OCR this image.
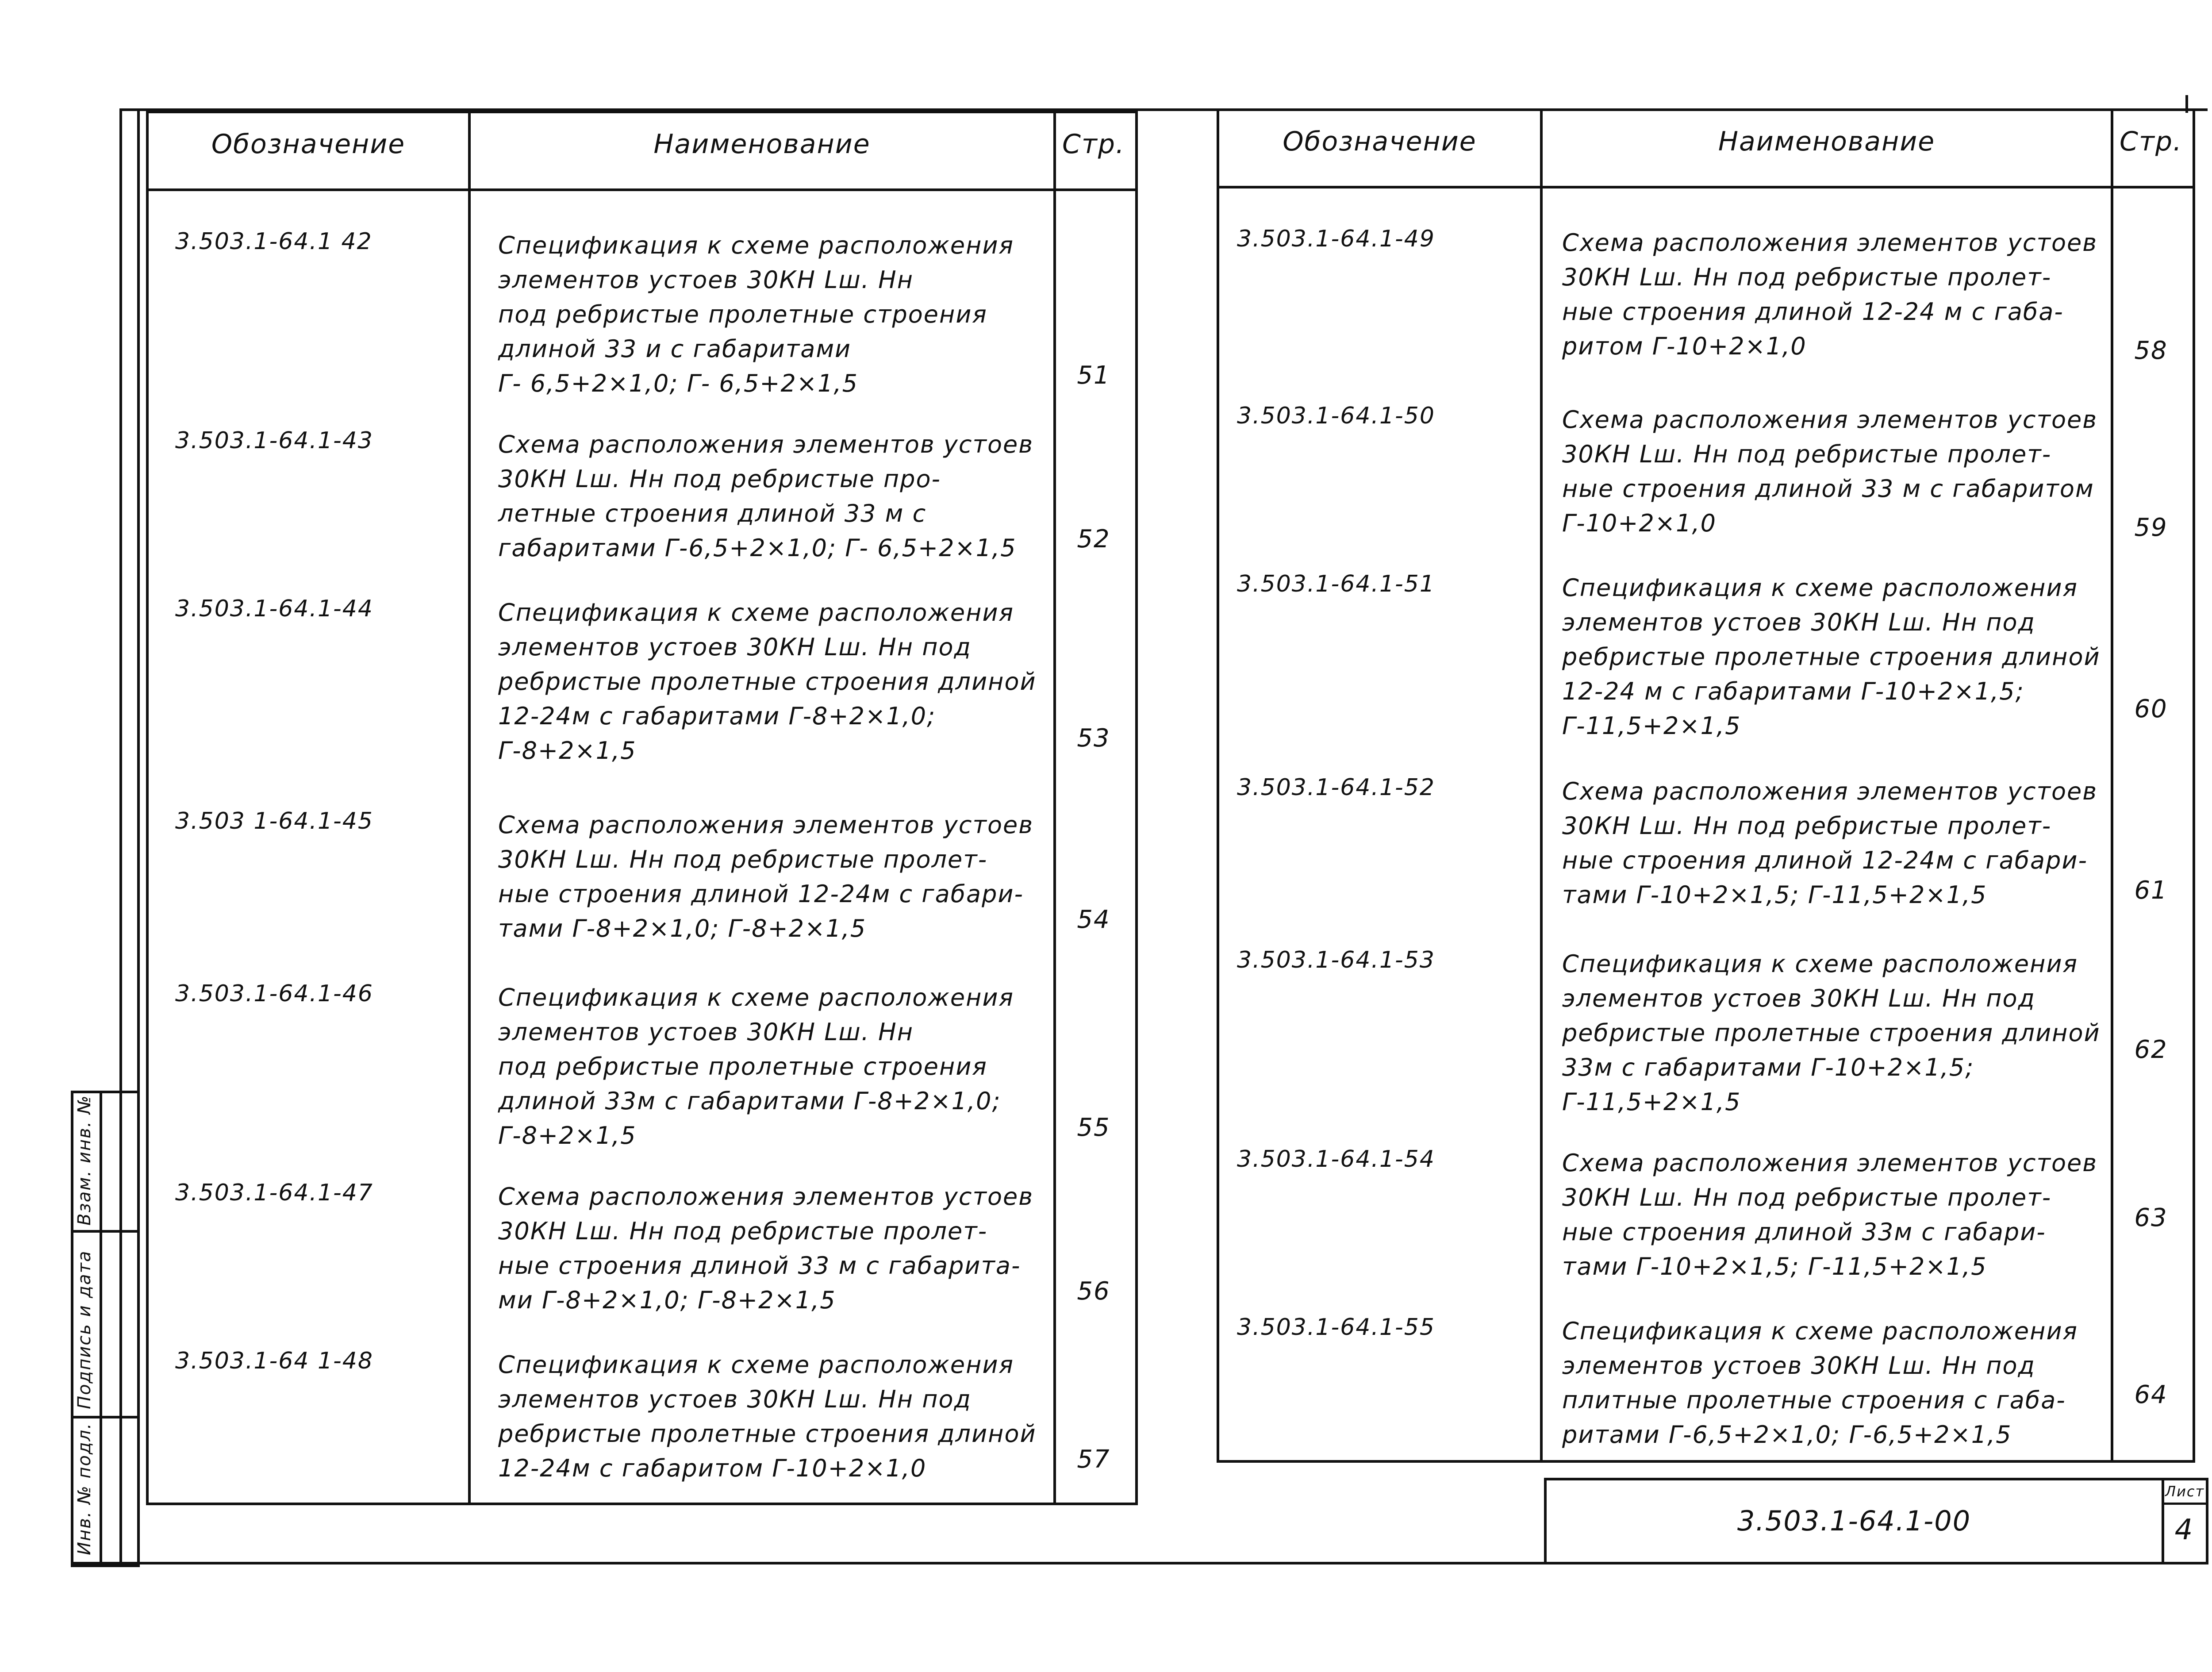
Взам. инв. №
Подпись и дата
Инв. № подл.
Обозначение	Наименование	Стр.
3.503.1-64.1 42	Спецификация к схеме расположения
элементов устоев 30КН Lш. Нн
под ребристые пролетные строения
длиной 33 и с габаритами
Г- 6,5+2×1,0; Г- 6,5+2×1,5	51
3.503.1-64.1-43	Схема расположения элементов устоев
30КН Lш. Нн под ребристые про-
летные строения длиной 33 м с
габаритами Г-6,5+2×1,0; Г- 6,5+2×1,5	52
3.503.1-64.1-44	Спецификация к схеме расположения
элементов устоев 30КН Lш. Нн под
ребристые пролетные строения длиной
12-24м с габаритами Г-8+2×1,0;
Г-8+2×1,5	53
3.503 1-64.1-45	Схема расположения элементов устоев
30КН Lш. Нн под ребристые пролет-
ные строения длиной 12-24м с габари-
тами Г-8+2×1,0; Г-8+2×1,5	54
3.503.1-64.1-46	Спецификация к схеме расположения
элементов устоев 30КН Lш. Нн
под ребристые пролетные строения
длиной 33м с габаритами Г-8+2×1,0;
Г-8+2×1,5	55
3.503.1-64.1-47	Схема расположения элементов устоев
30КН Lш. Нн под ребристые пролет-
ные строения длиной 33 м с габарита-
ми Г-8+2×1,0; Г-8+2×1,5	56
3.503.1-64 1-48	Спецификация к схеме расположения
элементов устоев 30КН Lш. Нн под
ребристые пролетные строения длиной
12-24м с габаритом Г-10+2×1,0	57
Обозначение	Наименование	Стр.
3.503.1-64.1-49	Схема расположения элементов устоев
30КН Lш. Нн под ребристые пролет-
ные строения длиной 12-24 м с габа-
ритом Г-10+2×1,0	58
3.503.1-64.1-50	Схема расположения элементов устоев
30КН Lш. Нн под ребристые пролет-
ные строения длиной 33 м с габаритом
Г-10+2×1,0	59
3.503.1-64.1-51	Спецификация к схеме расположения
элементов устоев 30КН Lш. Нн под
ребристые пролетные строения длиной
12-24 м с габаритами Г-10+2×1,5;
Г-11,5+2×1,5
60
3.503.1-64.1-52	Схема расположения элементов устоев
30КН Lш. Нн под ребристые пролет-
ные строения длиной 12-24м с габари-
тами Г-10+2×1,5; Г-11,5+2×1,5	61
3.503.1-64.1-53	Спецификация к схеме расположения
элементов устоев 30КН Lш. Нн под
ребристые пролетные строения длиной
33м с габаритами Г-10+2×1,5;
Г-11,5+2×1,5
62
3.503.1-64.1-54	Схема расположения элементов устоев
30КН Lш. Нн под ребристые пролет-
ные строения длиной 33м с габари-
тами Г-10+2×1,5; Г-11,5+2×1,5
63
3.503.1-64.1-55	Спецификация к схеме расположения
элементов устоев 30КН Lш. Нн под
плитные пролетные строения с габа-
ритами Г-6,5+2×1,0; Г-6,5+2×1,5
64
3.503.1-64.1-00
Лист
4
